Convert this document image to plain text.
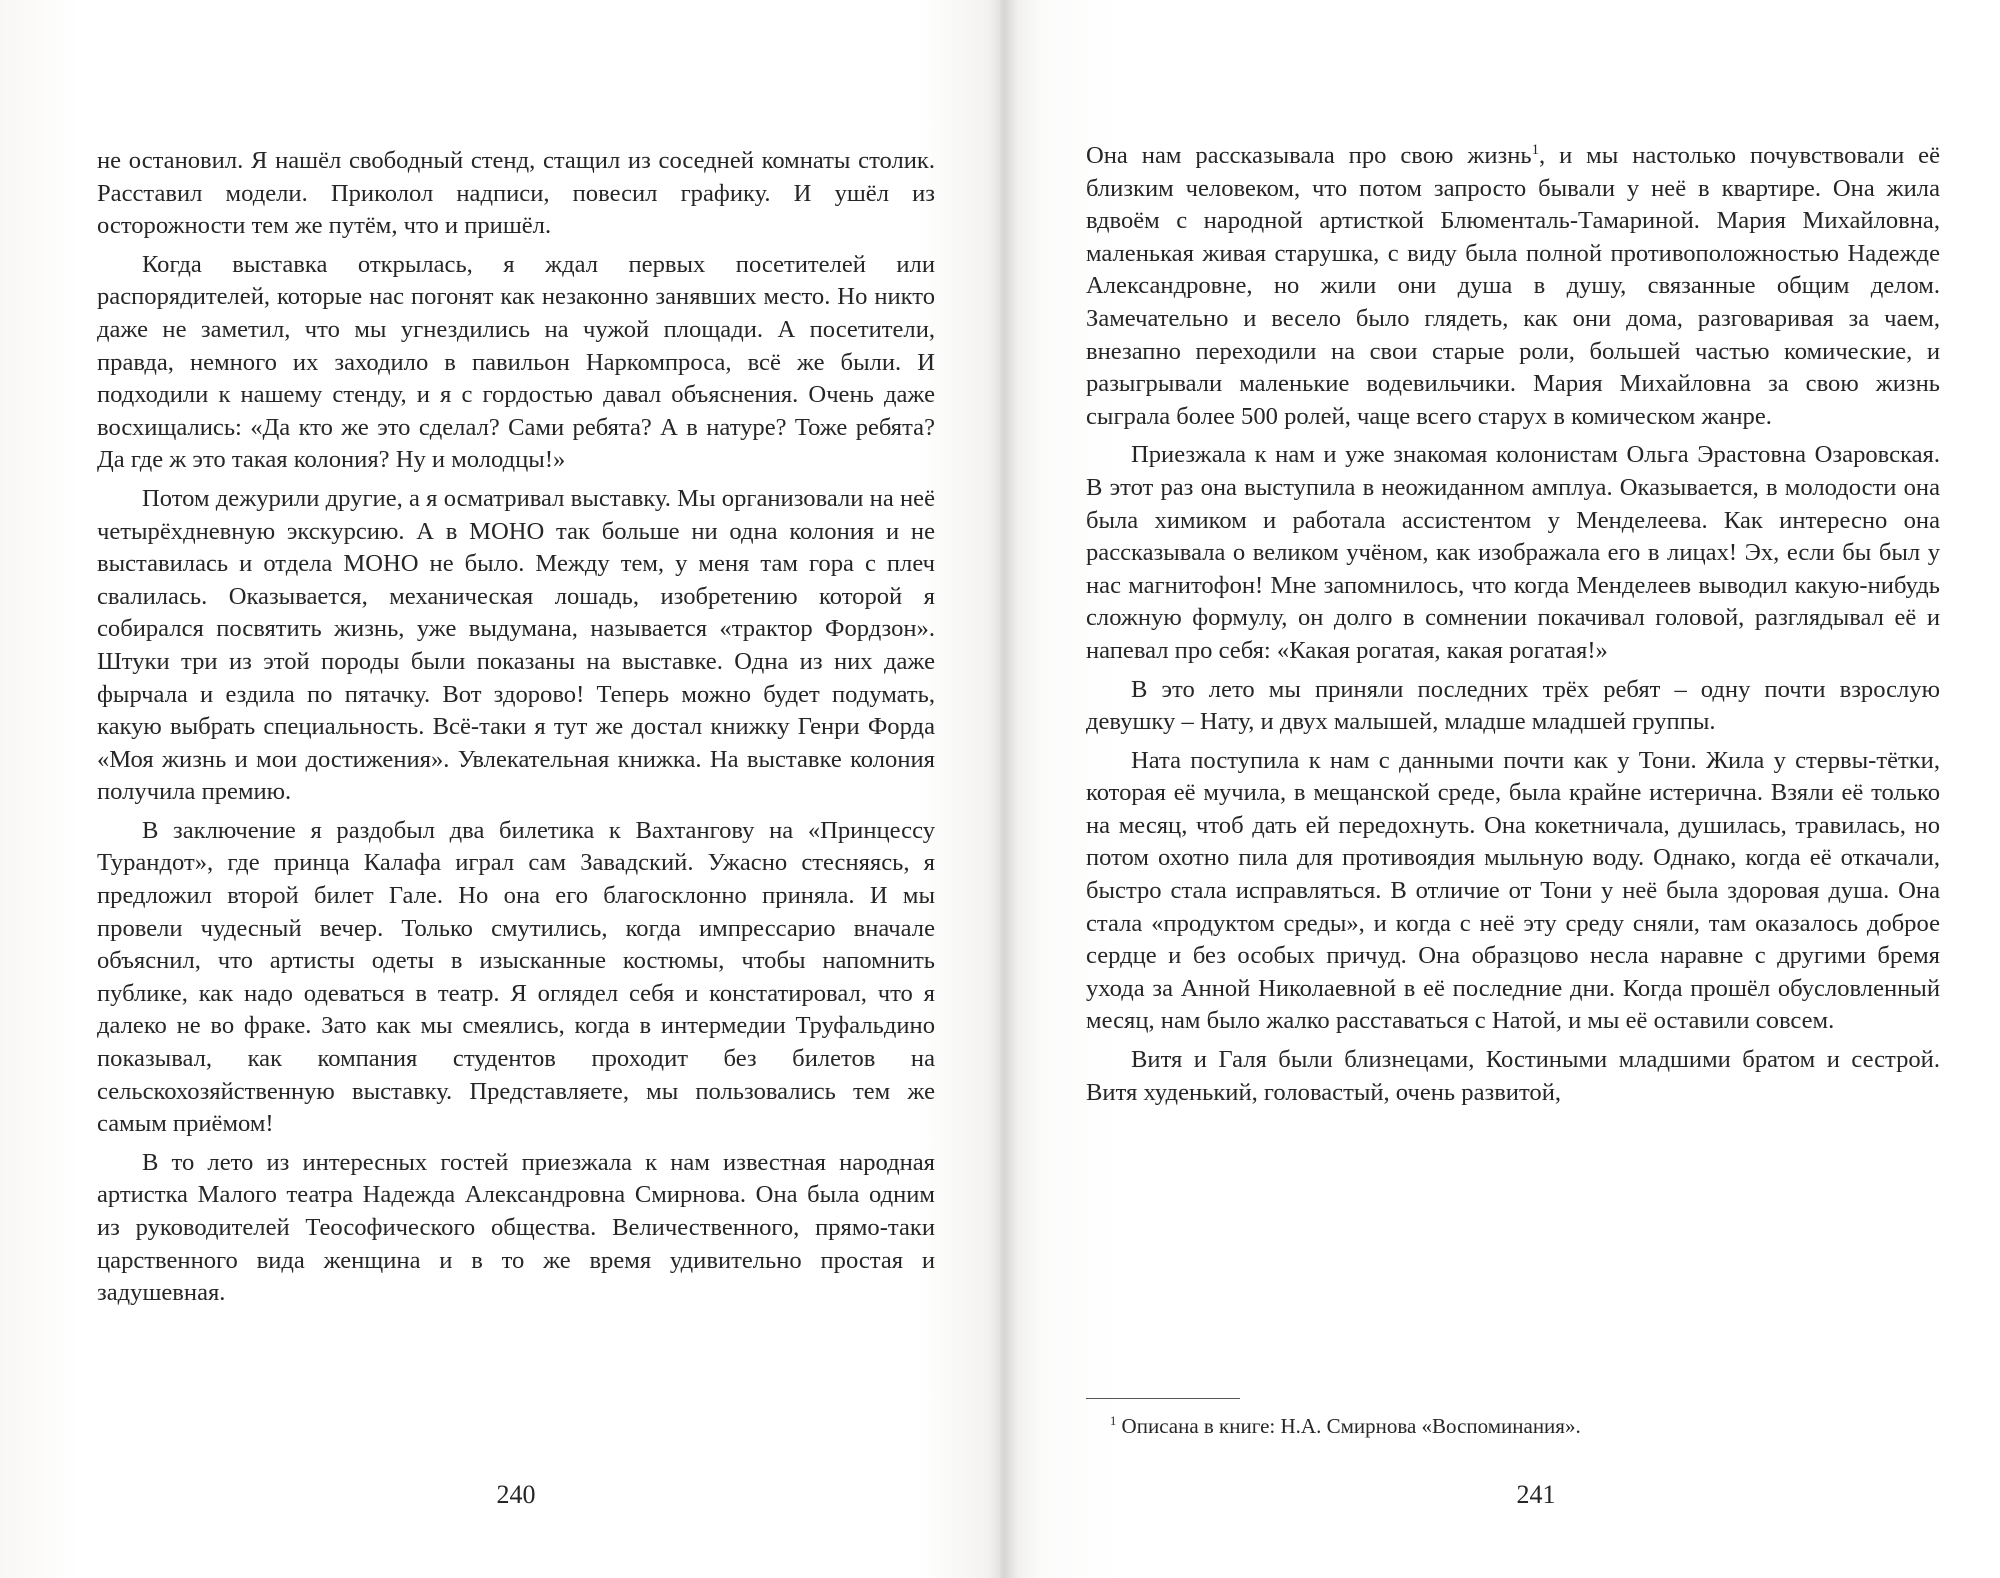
не остановил. Я нашёл свободный стенд, стащил из соседней комнаты столик. Расставил модели. Приколол надписи, повесил графику. И ушёл из осторожности тем же путём, что и пришёл.

Когда выставка открылась, я ждал первых посетителей или распорядителей, которые нас погонят как незаконно занявших место. Но никто даже не заметил, что мы угнездились на чужой площади. А посетители, правда, немного их заходило в павильон Наркомпроса, всё же были. И подходили к нашему стенду, и я с гордостью давал объяснения. Очень даже восхищались: «Да кто же это сделал? Сами ребята? А в натуре? Тоже ребята? Да где ж это такая колония? Ну и молодцы!»

Потом дежурили другие, а я осматривал выставку. Мы организовали на неё четырёхдневную экскурсию. А в МОНО так больше ни одна колония и не выставилась и отдела МОНО не было. Между тем, у меня там гора с плеч свалилась. Оказывается, механическая лошадь, изобретению которой я собирался посвятить жизнь, уже выдумана, называется «трактор Фордзон». Штуки три из этой породы были показаны на выставке. Одна из них даже фырчала и ездила по пятачку. Вот здорово! Теперь можно будет подумать, какую выбрать специальность. Всё-таки я тут же достал книжку Генри Форда «Моя жизнь и мои достижения». Увлекательная книжка. На выставке колония получила премию.

В заключение я раздобыл два билетика к Вахтангову на «Принцессу Турандот», где принца Калафа играл сам Завадский. Ужасно стесняясь, я предложил второй билет Гале. Но она его благосклонно приняла. И мы провели чудесный вечер. Только смутились, когда импрессарио вначале объяснил, что артисты одеты в изысканные костюмы, чтобы напомнить публике, как надо одеваться в театр. Я оглядел себя и констатировал, что я далеко не во фраке. Зато как мы смеялись, когда в интермедии Труфальдино показывал, как компания студентов проходит без билетов на сельскохозяйственную выставку. Представляете, мы пользовались тем же самым приёмом!

В то лето из интересных гостей приезжала к нам известная народная артистка Малого театра Надежда Александровна Смирнова. Она была одним из руководителей Теософического общества. Величественного, прямо-таки царственного вида женщина и в то же время удивительно простая и задушевная.

240

Она нам рассказывала про свою жизнь$^1$, и мы настолько почувствовали её близким человеком, что потом запросто бывали у неё в квартире. Она жила вдвоём с народной артисткой Блюменталь-Тамариной. Мария Михайловна, маленькая живая старушка, с виду была полной противоположностью Надежде Александровне, но жили они душа в душу, связанные общим делом. Замечательно и весело было глядеть, как они дома, разговаривая за чаем, внезапно переходили на свои старые роли, большей частью комические, и разыгрывали маленькие водевильчики. Мария Михайловна за свою жизнь сыграла более 500 ролей, чаще всего старух в комическом жанре.

Приезжала к нам и уже знакомая колонистам Ольга Эрастовна Озаровская. В этот раз она выступила в неожиданном амплуа. Оказывается, в молодости она была химиком и работала ассистентом у Менделеева. Как интересно она рассказывала о великом учёном, как изображала его в лицах! Эх, если бы был у нас магнитофон! Мне запомнилось, что когда Менделеев выводил какую-нибудь сложную формулу, он долго в сомнении покачивал головой, разглядывал её и напевал про себя: «Какая рогатая, какая рогатая!»

В это лето мы приняли последних трёх ребят – одну почти взрослую девушку – Нату, и двух малышей, младше младшей группы.

Ната поступила к нам с данными почти как у Тони. Жила у стервы-тётки, которая её мучила, в мещанской среде, была крайне истерична. Взяли её только на месяц, чтоб дать ей передохнуть. Она кокетничала, душилась, травилась, но потом охотно пила для противоядия мыльную воду. Однако, когда её откачали, быстро стала исправляться. В отличие от Тони у неё была здоровая душа. Она стала «продуктом среды», и когда с неё эту среду сняли, там оказалось доброе сердце и без особых причуд. Она образцово несла наравне с другими бремя ухода за Анной Николаевной в её последние дни. Когда прошёл обусловленный месяц, нам было жалко расставаться с Натой, и мы её оставили совсем.

Витя и Галя были близнецами, Костиными младшими братом и сестрой. Витя худенький, головастый, очень развитой,

$^1$ Описана в книге: Н.А. Смирнова «Воспоминания».
241
